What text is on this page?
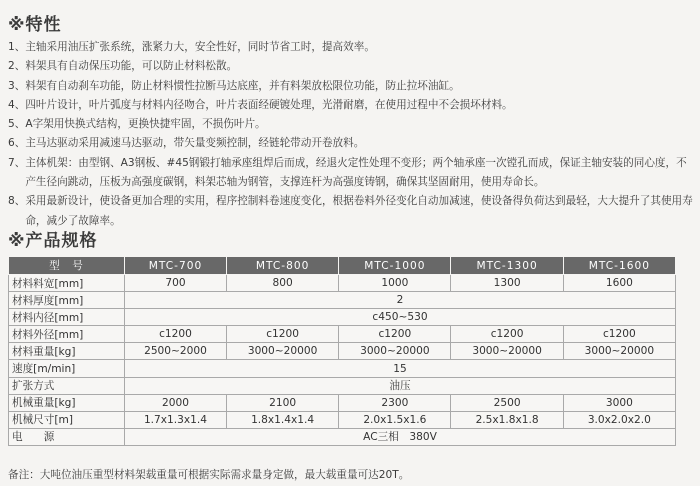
※特性
1、 主轴采用油压扩张系统，涨紧力大，安全性好，同时节省工时，提高效率。
2、 料架具有自动保压功能，可以防止材料松散。
3、 料架有自动刹车功能，防止材料惯性拉断马达底座，并有料架放松限位功能，防止拉坏油缸。
4、 四叶片设计，叶片弧度与材料内径吻合，叶片表面经硬镀处理，光滑耐磨，在使用过程中不会损坏材料。
5、 A字架用快换式结构，更换快捷牢固，不损伤叶片。
6、 主马达驱动采用减速马达驱动，带矢量变频控制，经链轮带动开卷放料。
7、 主体机架：由型钢、A3钢板、#45钢锻打轴承座组焊后而成，经退火定性处理不变形；两个轴承座一次镗孔而成，保证主轴安装的同心度，不产生径向跳动，压板为高强度碳钢，料架芯轴为钢管，支撑连杆为高强度铸钢，确保其坚固耐用，使用寿命长。
8、 采用最新设计，使设备更加合理的实用，程序控制料卷速度变化，根据卷料外径变化自动加减速，使设备得负荷达到最轻，大大提升了其使用寿命，减少了故障率。
※产品规格
型　号	MTC-700	MTC-800	MTC-1000	MTC-1300	MTC-1600
材料料宽[mm]	700	800	1000	1300	1600
材料厚度[mm]	2				
材料内径[mm]	c450~530				
材料外径[mm]	c1200	c1200	c1200	c1200	c1200
材料重量[kg]	2500~2000	3000~20000	3000~20000	3000~20000	3000~20000
速度[m/min]	15				
扩张方式	油压				
机械重量[kg]	2000	2100	2300	2500	3000
机械尺寸[m]	1.7x1.3x1.4	1.8x1.4x1.4	2.0x1.5x1.6	2.5x1.8x1.8	3.0x2.0x2.0
电　　源	AC三相　380V				
备注：大吨位油压重型材料架载重量可根据实际需求量身定做，最大载重量可达20T。
